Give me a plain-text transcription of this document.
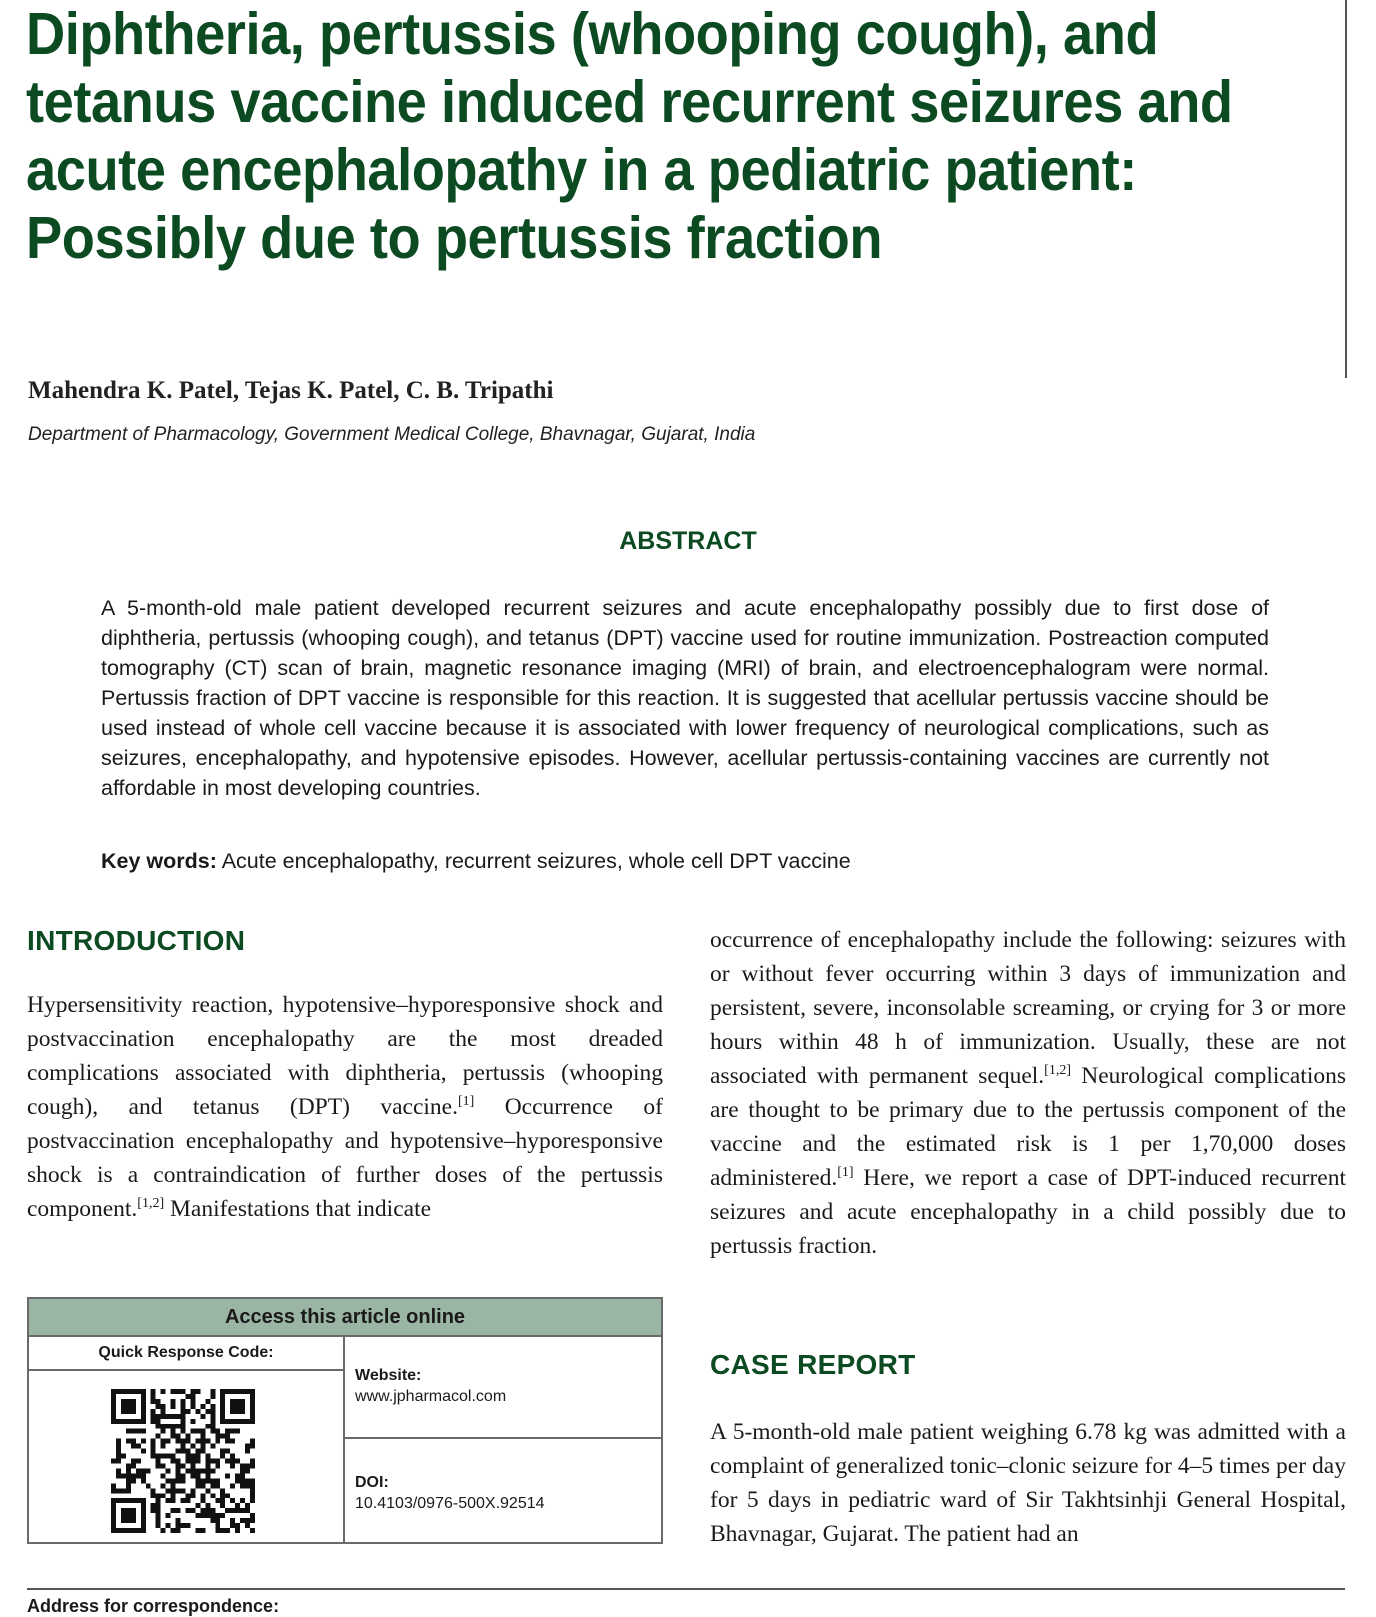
Diphtheria, pertussis (whooping cough), and tetanus vaccine induced recurrent seizures and acute encephalopathy in a pediatric patient: Possibly due to pertussis fraction

Mahendra K. Patel, Tejas K. Patel, C. B. Tripathi

Department of Pharmacology, Government Medical College, Bhavnagar, Gujarat, India

ABSTRACT

A 5-month-old male patient developed recurrent seizures and acute encephalopathy possibly due to first dose of diphtheria, pertussis (whooping cough), and tetanus (DPT) vaccine used for routine immunization. Postreaction computed tomography (CT) scan of brain, magnetic resonance imaging (MRI) of brain, and electroencephalogram were normal. Pertussis fraction of DPT vaccine is responsible for this reaction. It is suggested that acellular pertussis vaccine should be used instead of whole cell vaccine because it is associated with lower frequency of neurological complications, such as seizures, encephalopathy, and hypotensive episodes. However, acellular pertussis-containing vaccines are currently not affordable in most developing countries.

Key words: Acute encephalopathy, recurrent seizures, whole cell DPT vaccine

INTRODUCTION

Hypersensitivity reaction, hypotensive–hyporesponsive shock and postvaccination encephalopathy are the most dreaded complications associated with diphtheria, pertussis (whooping cough), and tetanus (DPT) vaccine.[1] Occurrence of postvaccination encephalopathy and hypotensive–hyporesponsive shock is a contraindication of further doses of the pertussis component.[1,2] Manifestations that indicate

occurrence of encephalopathy include the following: seizures with or without fever occurring within 3 days of immunization and persistent, severe, inconsolable screaming, or crying for 3 or more hours within 48 h of immunization. Usually, these are not associated with permanent sequel.[1,2] Neurological complications are thought to be primary due to the pertussis component of the vaccine and the estimated risk is 1 per 1,70,000 doses administered.[1] Here, we report a case of DPT-induced recurrent seizures and acute encephalopathy in a child possibly due to pertussis fraction.

CASE REPORT

A 5-month-old male patient weighing 6.78 kg was admitted with a complaint of generalized tonic–clonic seizure for 4–5 times per day for 5 days in pediatric ward of Sir Takhtsinhji General Hospital, Bhavnagar, Gujarat. The patient had an

Access this article online
Quick Response Code:
Website:
www.jpharmacol.com
DOI:
10.4103/0976-500X.92514

Address for correspondence:
